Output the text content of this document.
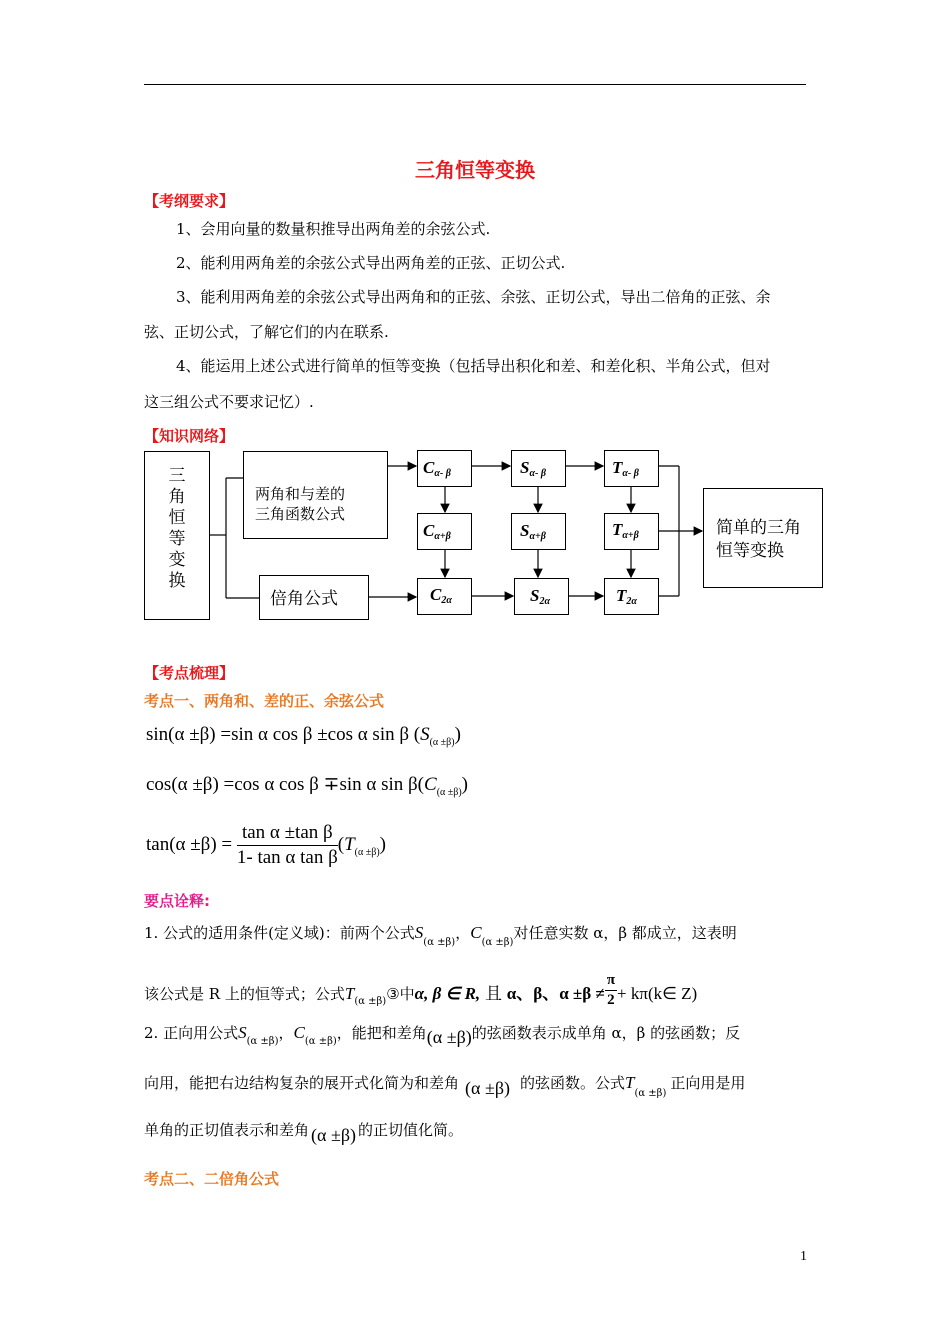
三角恒等变换
【考纲要求】
1、会用向量的数量积推导出两角差的余弦公式.
2、能利用两角差的余弦公式导出两角差的正弦、正切公式.
3、能利用两角差的余弦公式导出两角和的正弦、余弦、正切公式，导出二倍角的正弦、余
弦、正切公式，了解它们的内在联系.
4、能运用上述公式进行简单的恒等变换（包括导出积化和差、和差化积、半角公式，但对
这三组公式不要求记忆）.
【知识网络】
三
角
恒
等
变
换
两角和与差的
三角函数公式
倍角公式
简单的三角
恒等变换
Cα- β	Sα- β	Tα- β
Cα+β	Sα+β	Tα+β
C2α	S2α	T2α
【考点梳理】
考点一、两角和、差的正、余弦公式
sin(α ±β) =sin α cos β ±cos α sin β $(S_{(\alpha \pm\beta)})$
cos(α ±β) =cos α cos β ∓sin α $\sin \beta(C_{(\alpha \pm\beta)})$
$\tan(\alpha \pm\beta) = \frac{\text{tan α ±tan β}}{\text{1- tan α tan β}} (T_{(\alpha \pm\beta)})$
要点诠释:
1. 公式的适用条件(定义域)：前两个公式$S_{(\alpha \pm\beta)}$，$C_{(\alpha \pm\beta)}$对任意实数 α，β 都成立，这表明
该公式是 R 上的恒等式；公式$T_{(\alpha \pm\beta)}③$中α, β ∈ R, 且 α、β、$\alpha \pm\beta \ne \frac{\pi}{2}$ + kπ(k∈ Z)
2. 正向用公式$S_{(\alpha \pm\beta)}$，$C_{(\alpha \pm\beta)}$，能把和差角(α ±β)的弦函数表示成单角 α，β 的弦函数；反
向用，能把右边结构复杂的展开式化简为和差角 (α ±β) 的弦函数。公式$T_{(\alpha \pm\beta)}$正向用是用
单角的正切值表示和差角 (α ±β) 的正切值化简。
考点二、二倍角公式
1
